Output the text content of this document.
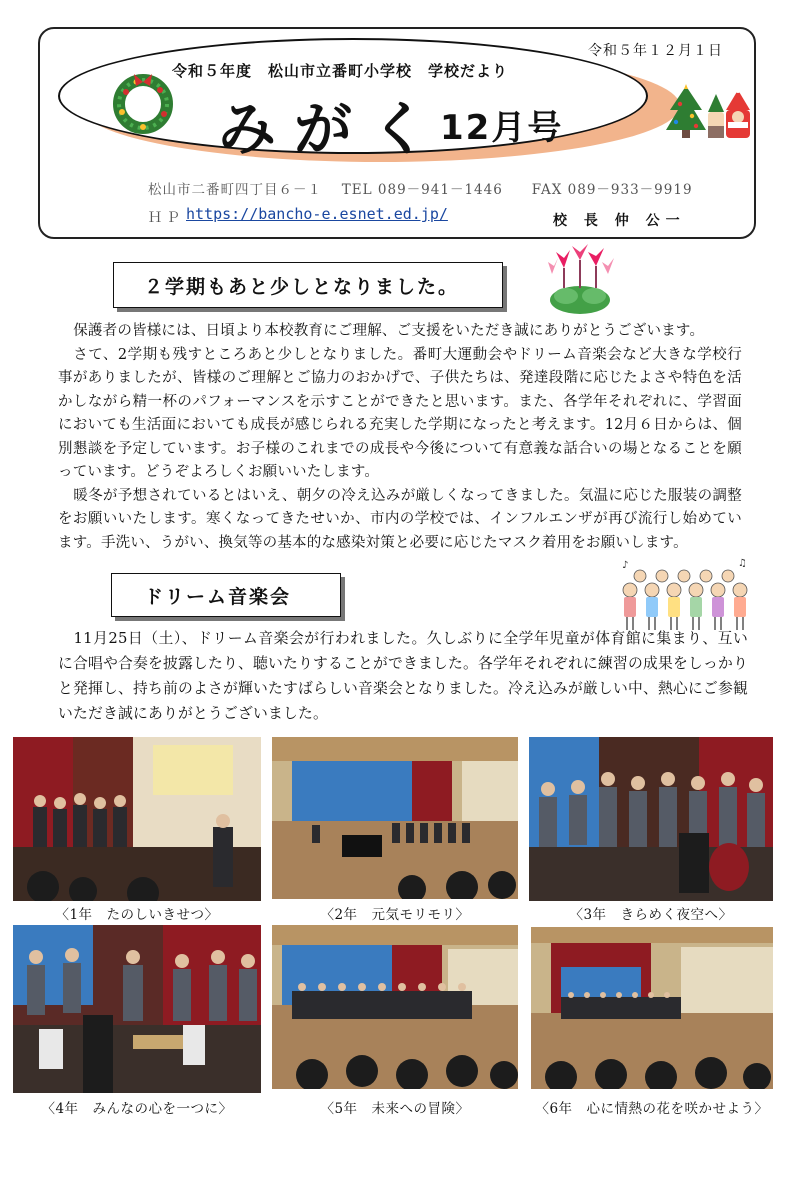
令和５年１２月１日
令和５年度　松山市立番町小学校　学校だより
みがく
12月号
松山市二番町四丁目６－１　 TEL 089－941－1446　　FAX 089－933－9919
ＨＰ https://bancho-e.esnet.ed.jp/	校 長 仲 公一
２学期もあと少しとなりました。

保護者の皆様には、日頃より本校教育にご理解、ご支援をいただき誠にありがとうございます。

さて、2学期も残すところあと少しとなりました。番町大運動会やドリーム音楽会など大きな学校行事がありましたが、皆様のご理解とご協力のおかげで、子供たちは、発達段階に応じたよさや特色を活かしながら精一杯のパフォーマンスを示すことができたと思います。また、各学年それぞれに、学習面においても生活面においても成長が感じられる充実した学期になったと考えます。12月６日からは、個別懇談を予定しています。お子様のこれまでの成長や今後について有意義な話合いの場となることを願っています。どうぞよろしくお願いいたします。

暖冬が予想されているとはいえ、朝夕の冷え込みが厳しくなってきました。気温に応じた服装の調整をお願いいたします。寒くなってきたせいか、市内の学校では、インフルエンザが再び流行し始めています。手洗い、うがい、換気等の基本的な感染対策と必要に応じたマスク着用をお願いします。

ドリーム音楽会
♪	♫

11月25日（土）、ドリーム音楽会が行われました。久しぶりに全学年児童が体育館に集まり、互いに合唱や合奏を披露したり、聴いたりすることができました。各学年それぞれに練習の成果をしっかりと発揮し、持ち前のよさが輝いたすばらしい音楽会となりました。冷え込みが厳しい中、熱心にご参観いただき誠にありがとうございました。

〈1年　たのしいきせつ〉	〈2年　元気モリモリ〉	〈3年　きらめく夜空へ〉
〈4年　みんなの心を一つに〉	〈5年　未来への冒険〉	〈6年　心に情熱の花を咲かせよう〉
